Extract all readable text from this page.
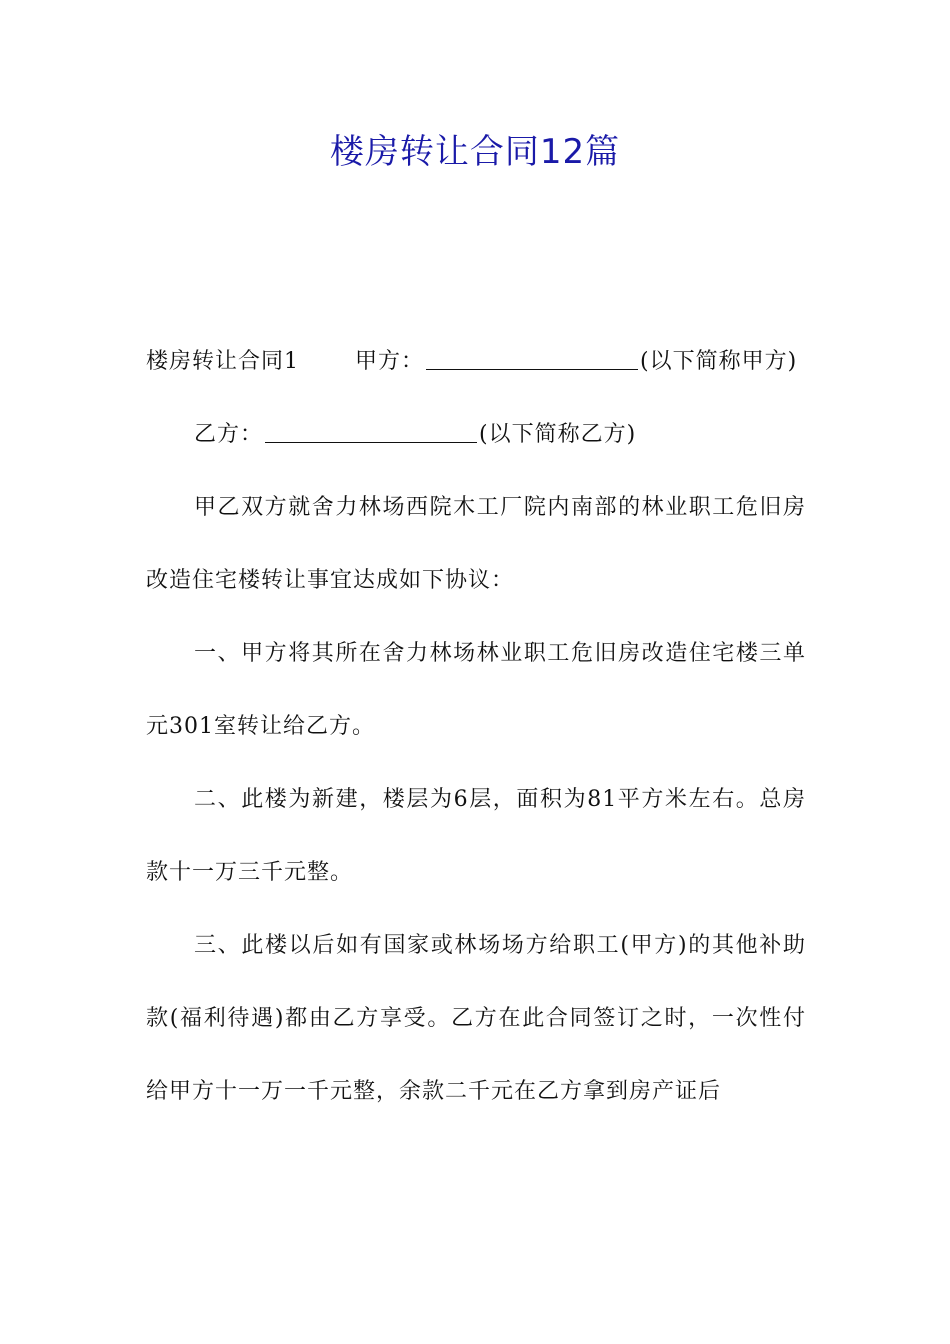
楼房转让合同12篇

楼房转让合同1	甲方：	(以下简称甲方)

乙方：	(以下简称乙方)

甲乙双方就舍力林场西院木工厂院内南部的林业职工危旧房改造住宅楼转让事宜达成如下协议：

一、甲方将其所在舍力林场林业职工危旧房改造住宅楼三单元301室转让给乙方。

二、此楼为新建，楼层为6层，面积为81平方米左右。总房款十一万三千元整。

三、此楼以后如有国家或林场场方给职工(甲方)的其他补助款(福利待遇)都由乙方享受。乙方在此合同签订之时，一次性付给甲方十一万一千元整，余款二千元在乙方拿到房产证后
